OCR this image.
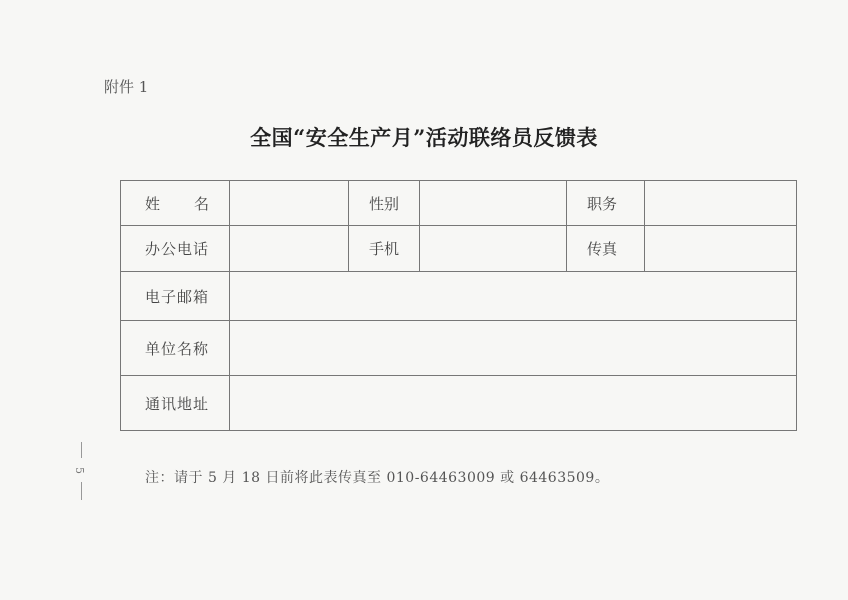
附件 1
全国“安全生产月”活动联络员反馈表
姓 名		性别		职务	
办公电话		手机		传真	
电子邮箱					
单位名称					
通讯地址					
5	注：请于 5 月 18 日前将此表传真至 010-64463009 或 64463509。
